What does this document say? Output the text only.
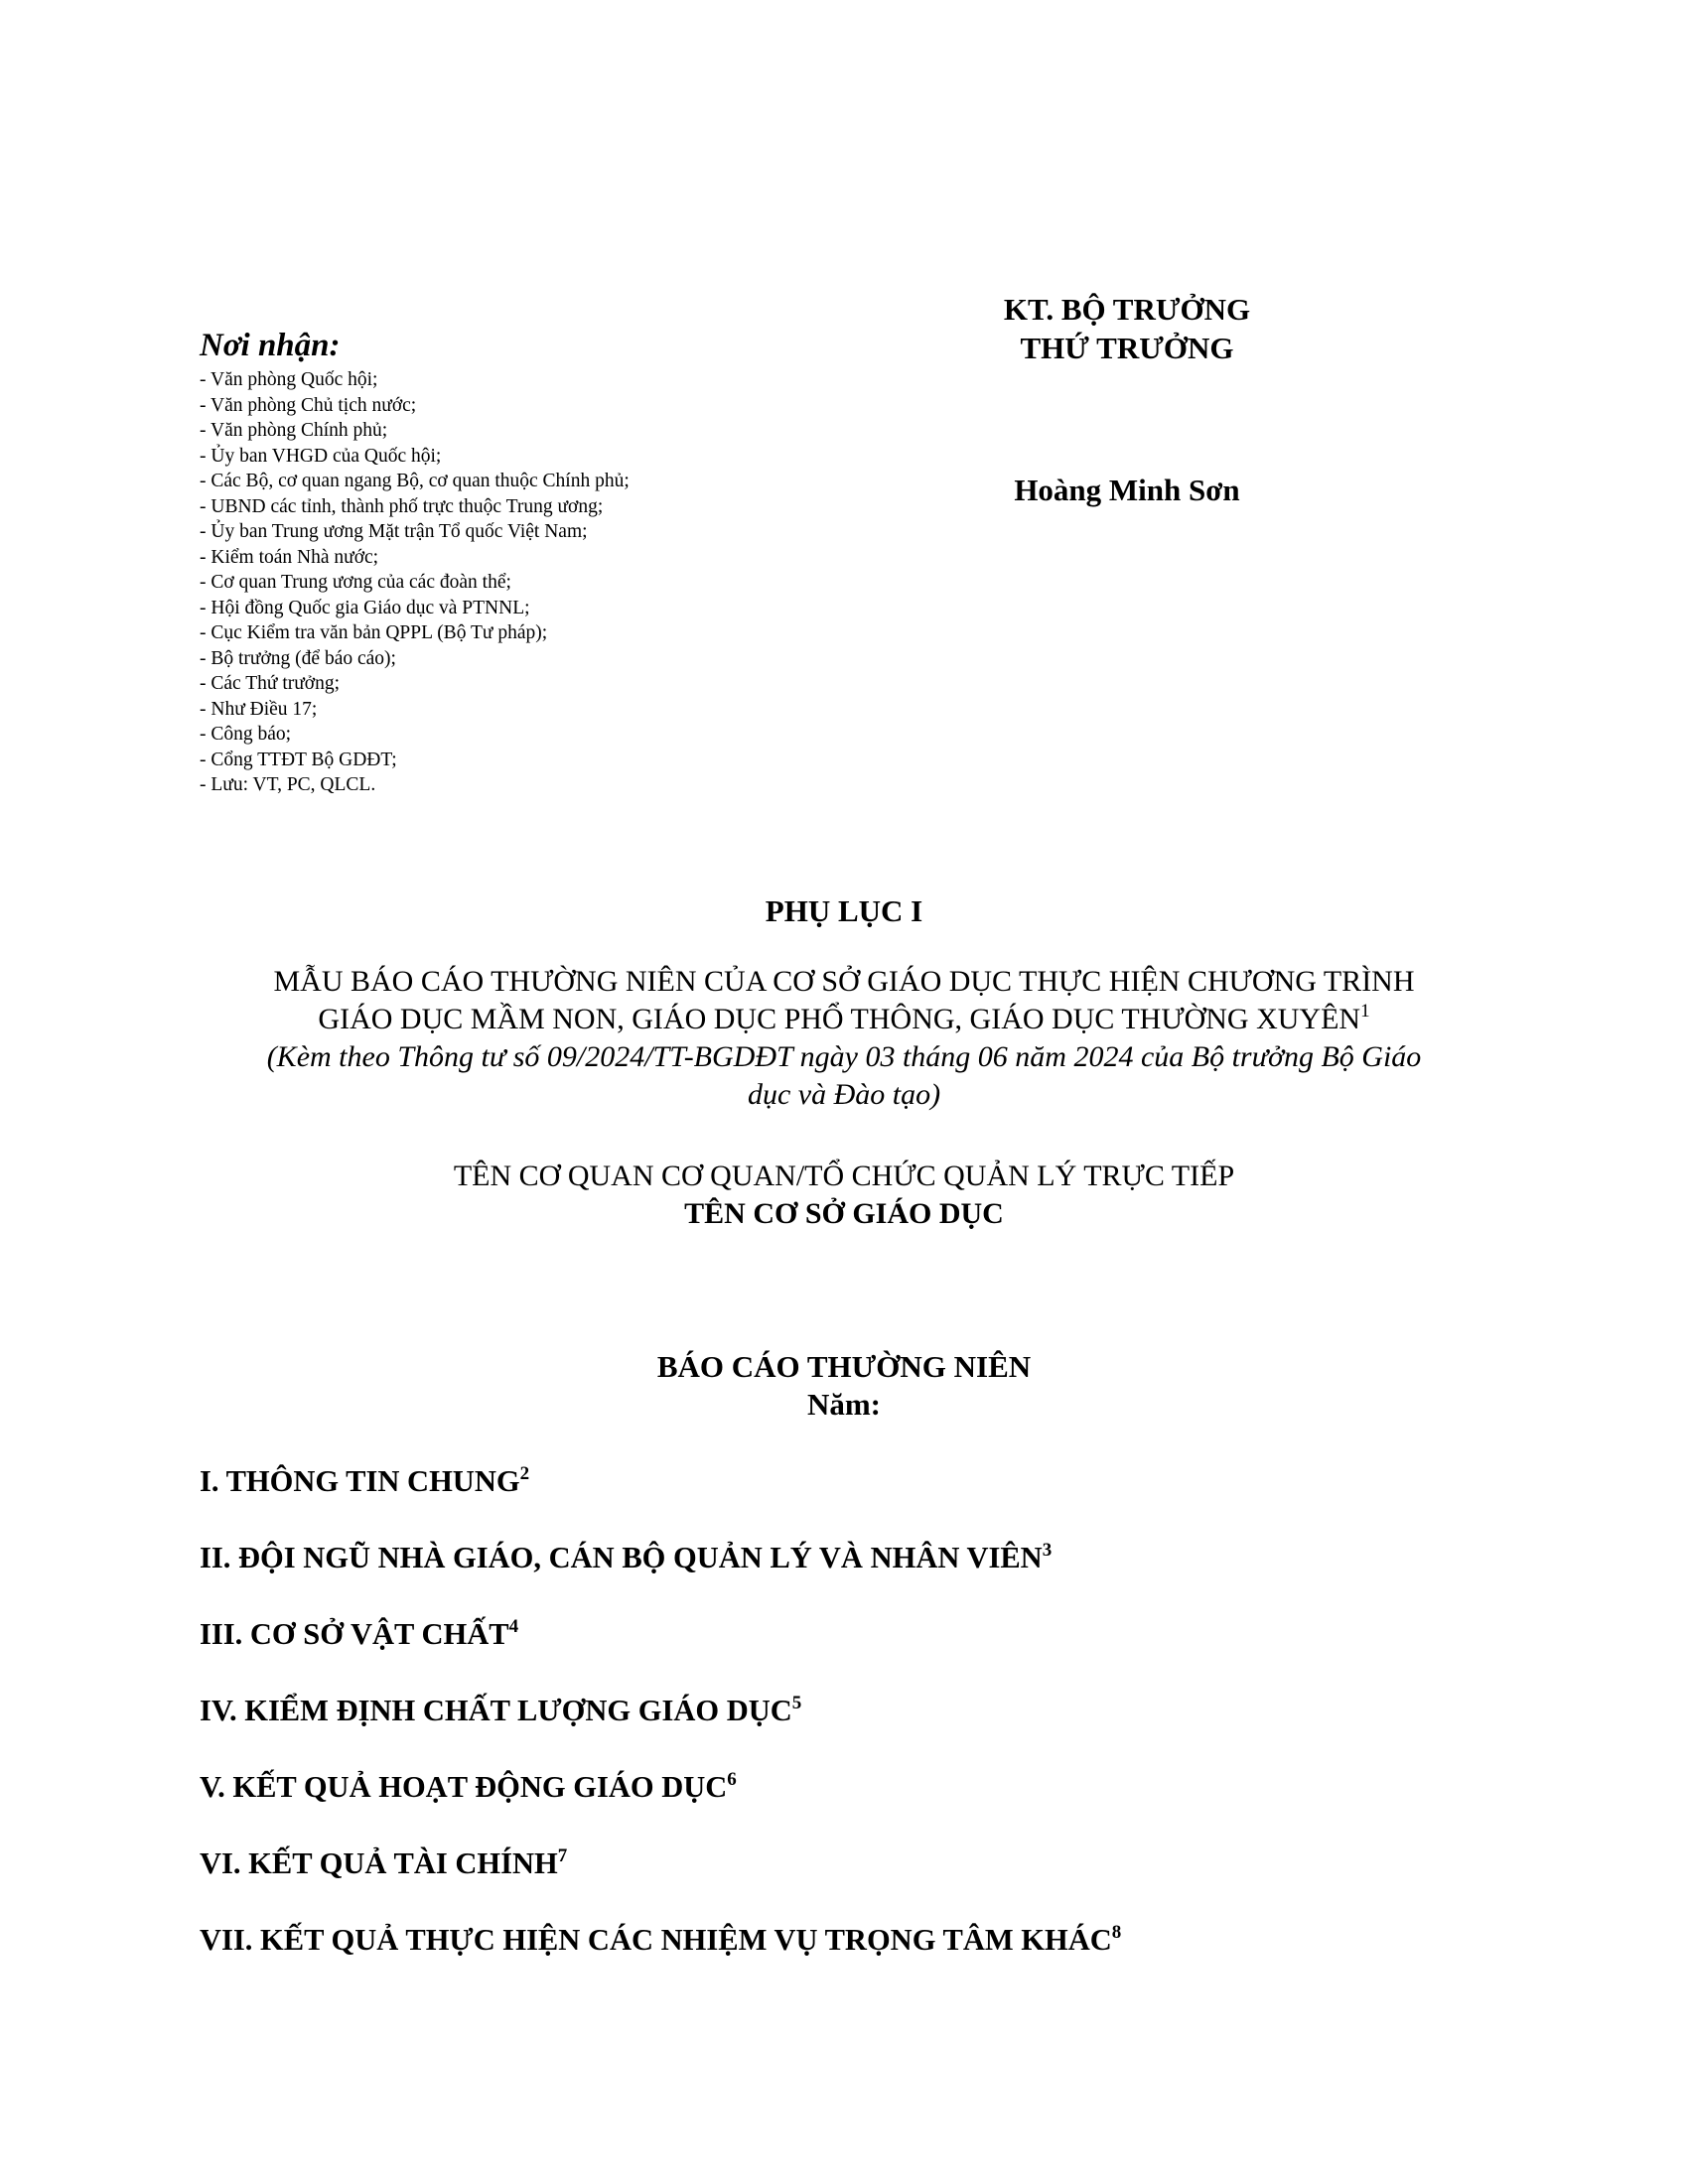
Nơi nhận:

- Văn phòng Quốc hội;
- Văn phòng Chủ tịch nước;
- Văn phòng Chính phủ;
- Ủy ban VHGD của Quốc hội;
- Các Bộ, cơ quan ngang Bộ, cơ quan thuộc Chính phủ;
- UBND các tỉnh, thành phố trực thuộc Trung ương;
- Ủy ban Trung ương Mặt trận Tổ quốc Việt Nam;
- Kiểm toán Nhà nước;
- Cơ quan Trung ương của các đoàn thể;
- Hội đồng Quốc gia Giáo dục và PTNNL;
- Cục Kiểm tra văn bản QPPL (Bộ Tư pháp);
- Bộ trưởng (để báo cáo);
- Các Thứ trưởng;
- Như Điều 17;
- Công báo;
- Cổng TTĐT Bộ GDĐT;
- Lưu: VT, PC, QLCL.

KT. BỘ TRƯỞNG

THỨ TRƯỞNG

Hoàng Minh Sơn

PHỤ LỤC I
MẪU BÁO CÁO THƯỜNG NIÊN CỦA CƠ SỞ GIÁO DỤC THỰC HIỆN CHƯƠNG TRÌNH
GIÁO DỤC MẦM NON, GIÁO DỤC PHỔ THÔNG, GIÁO DỤC THƯỜNG XUYÊN$^1$
(Kèm theo Thông tư số 09/2024/TT-BGDĐT ngày 03 tháng 06 năm 2024 của Bộ trưởng Bộ Giáo
dục và Đào tạo)
TÊN CƠ QUAN CƠ QUAN/TỔ CHỨC QUẢN LÝ TRỰC TIẾP
TÊN CƠ SỞ GIÁO DỤC
BÁO CÁO THƯỜNG NIÊN
Năm:
I. THÔNG TIN CHUNG$^2$
II. ĐỘI NGŨ NHÀ GIÁO, CÁN BỘ QUẢN LÝ VÀ NHÂN VIÊN$^3$
III. CƠ SỞ VẬT CHẤT$^4$
IV. KIỂM ĐỊNH CHẤT LƯỢNG GIÁO DỤC$^5$
V. KẾT QUẢ HOẠT ĐỘNG GIÁO DỤC$^6$
VI. KẾT QUẢ TÀI CHÍNH$^7$
VII. KẾT QUẢ THỰC HIỆN CÁC NHIỆM VỤ TRỌNG TÂM KHÁC$^8$
